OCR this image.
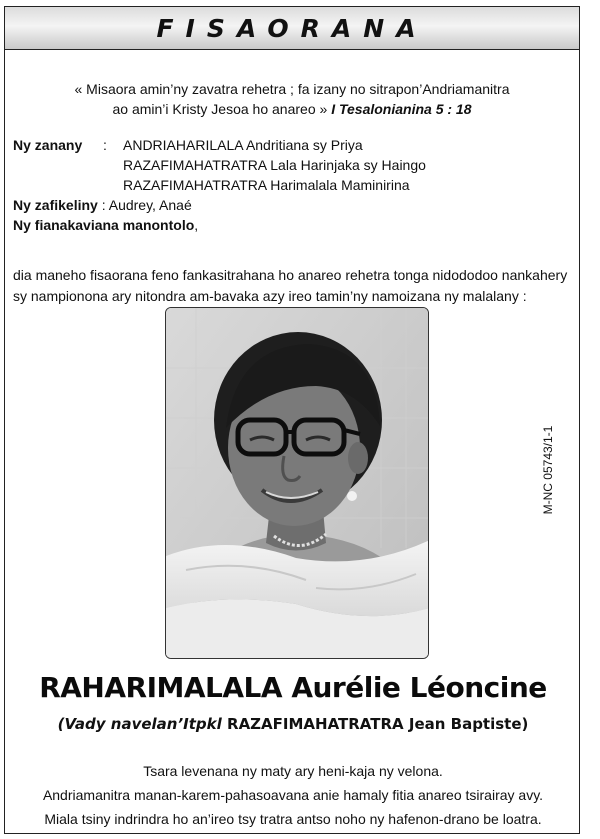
FISAORANA
« Misaora amin’ny zavatra rehetra ; fa izany no sitrapon’Andriamanitra
ao amin’i Kristy Jesoa ho anareo » I Tesalonianina 5 : 18
Ny zanany	:	ANDRIAHARILALA Andritiana sy Priya
RAZAFIMAHATRATRA Lala Harinjaka sy Haingo
RAZAFIMAHATRATRA Harimalala Maminirina
Ny zafikeliny : Audrey, Anaé
Ny fianakaviana manontolo,
dia maneho fisaorana feno fankasitrahana ho anareo rehetra tonga nidododoo nankahery
sy nampionona ary nitondra am-bavaka azy ireo tamin’ny namoizana ny malalany :
RAHARIMALALA Aurélie Léoncine
(Vady navelan’Itpkl RAZAFIMAHATRATRA Jean Baptiste)
Tsara levenana ny maty ary heni-kaja ny velona.
Andriamanitra manan-karem-pahasoavana anie hamaly fitia anareo tsirairay avy.
Miala tsiny indrindra ho an’ireo tsy tratra antso noho ny hafenon-drano be loatra.
M-NC 05743/1-1
